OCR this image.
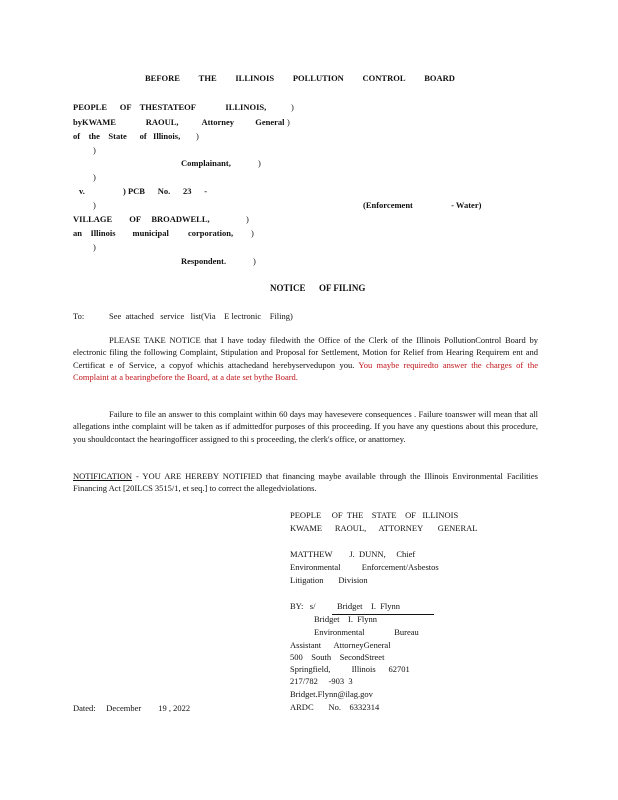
BEFORE THE ILLINOIS POLLUTION CONTROL BOARD
PEOPLE      OF    THESTATEOF              ILLINOIS,	)
byKWAME              RAOUL,           Attorney          General )
of    the    State      of   Illinois, )
)
Complainant,	)
)
v.	) PCB      No.      23      -
)	(Enforcement                  - Water)
VILLAGE        OF     BROADWELL,	)
an    Illinois        municipal         corporation, )
)
Respondent.	)
NOTICE      OF FILING
To:	See  attached   service   list(Via    E lectronic    Filing)
PLEASE TAKE NOTICE that I have today filedwith the Office of the Clerk of the Illinois PollutionControl Board by electronic filing the following Complaint, Stipulation and Proposal for Settlement, Motion for Relief from Hearing Requirem ent and Certificat e of Service, a copyof whichis attachedand herebyservedupon you. You maybe requiredto answer the charges of the Complaint at a bearingbefore the Board, at a date set bythe Board.
Failure to file an answer to this complaint within 60 days may havesevere consequences . Failure toanswer will mean that all allegations inthe complaint will be taken as if admittedfor purposes of this proceeding. If you have any questions about this procedure, you shouldcontact the hearingofficer assigned to thi s proceeding, the clerk's office, or anattorney.
NOTIFICATION - YOU ARE HEREBY NOTIFIED that financing maybe available through the Illinois Environmental Facilities Financing Act [20ILCS 3515/1, et seq.] to correct the allegedviolations.
PEOPLE     OF  THE    STATE    OF   ILLINOIS
KWAME      RAOUL,      ATTORNEY       GENERAL
MATTHEW        J.  DUNN,     Chief
Environmental          Enforcement/Asbestos
Litigation       Division
BY:   s/	Bridget    I.  Flynn
Bridget    I.  Flynn
Environmental              Bureau
Assistant      AttorneyGeneral
500    South    SecondStreet
Springfield,          Illinois      62701
217/782     -903  3
Bridget.Flynn@ilag.gov
ARDC       No.    6332314
Dated:     December        19 , 2022
